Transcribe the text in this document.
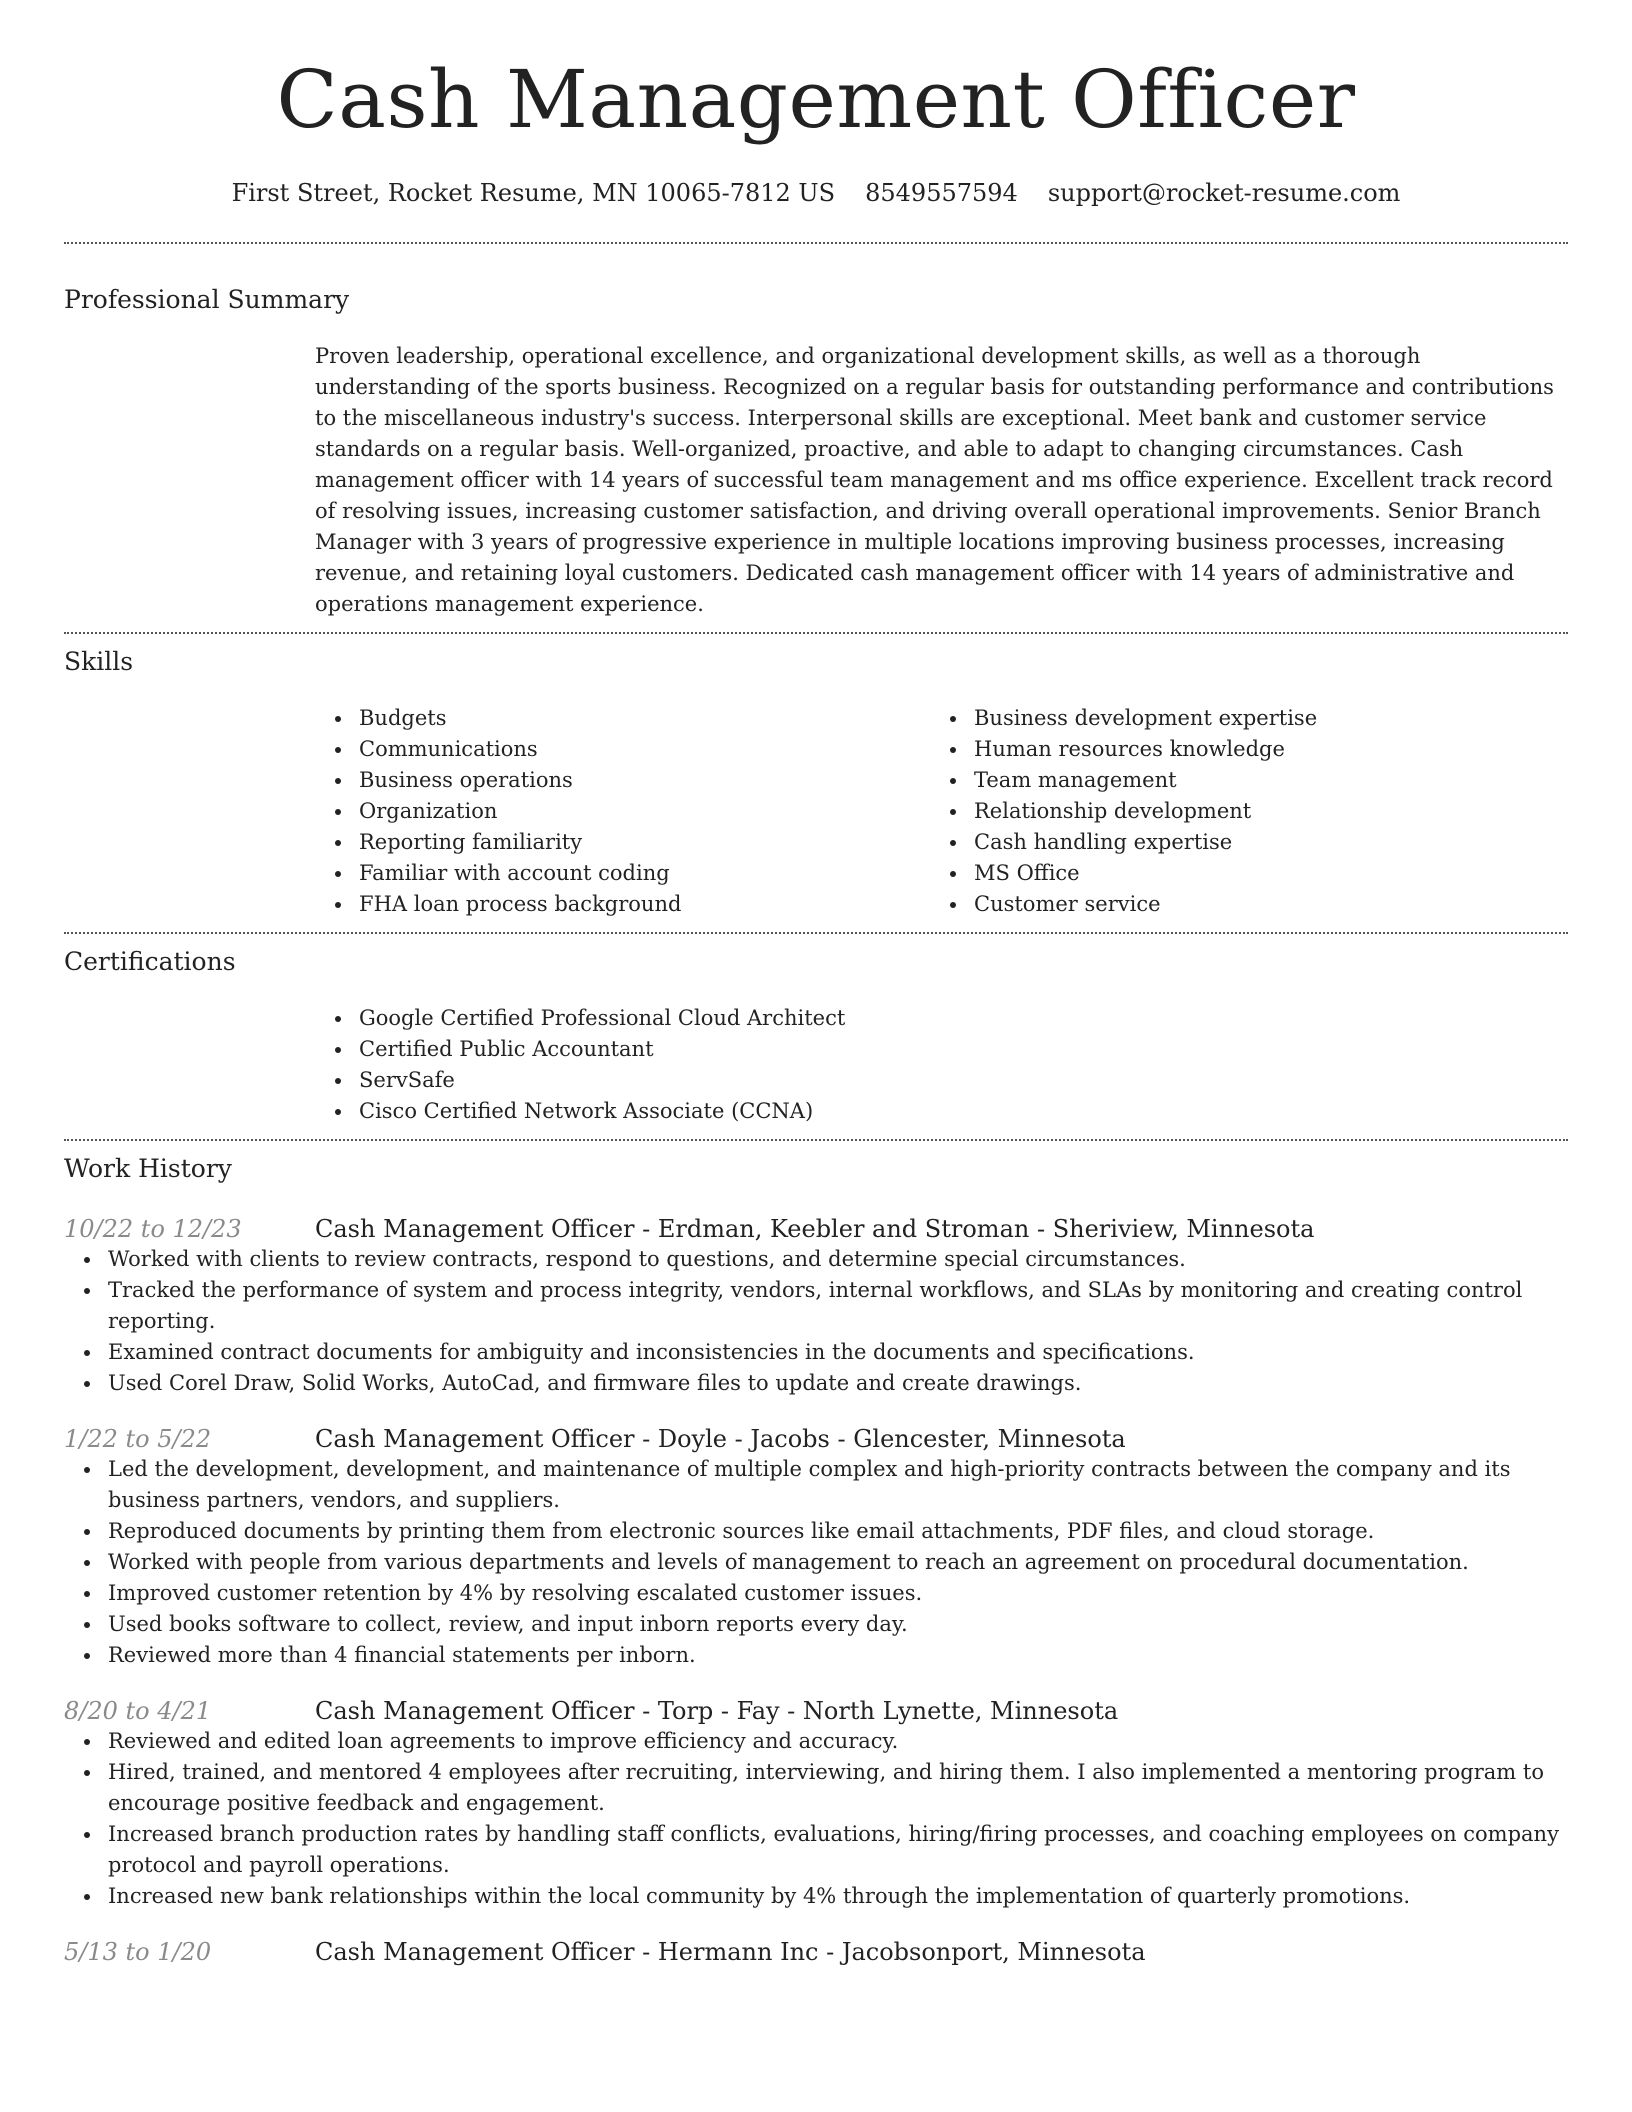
Cash Management Officer
First Street, Rocket Resume, MN 10065-7812 US 8549557594 support@rocket-resume.com
Professional Summary
Proven leadership, operational excellence, and organizational development skills, as well as a thorough understanding of the sports business. Recognized on a regular basis for outstanding performance and contributions to the miscellaneous industry's success. Interpersonal skills are exceptional. Meet bank and customer service standards on a regular basis. Well-organized, proactive, and able to adapt to changing circumstances. Cash management officer with 14 years of successful team management and ms office experience. Excellent track record of resolving issues, increasing customer satisfaction, and driving overall operational improvements. Senior Branch Manager with 3 years of progressive experience in multiple locations improving business processes, increasing revenue, and retaining loyal customers. Dedicated cash management officer with 14 years of administrative and operations management experience.
Skills
Budgets
Communications
Business operations
Organization
Reporting familiarity
Familiar with account coding
FHA loan process background
Business development expertise
Human resources knowledge
Team management
Relationship development
Cash handling expertise
MS Office
Customer service
Certifications
Google Certified Professional Cloud Architect
Certified Public Accountant
ServSafe
Cisco Certified Network Associate (CCNA)
Work History
10/22 to 12/23	Cash Management Officer - Erdman, Keebler and Stroman - Sheriview, Minnesota
Worked with clients to review contracts, respond to questions, and determine special circumstances.
Tracked the performance of system and process integrity, vendors, internal workflows, and SLAs by monitoring and creating control reporting.
Examined contract documents for ambiguity and inconsistencies in the documents and specifications.
Used Corel Draw, Solid Works, AutoCad, and firmware files to update and create drawings.
1/22 to 5/22	Cash Management Officer - Doyle - Jacobs - Glencester, Minnesota
Led the development, development, and maintenance of multiple complex and high-priority contracts between the company and its business partners, vendors, and suppliers.
Reproduced documents by printing them from electronic sources like email attachments, PDF files, and cloud storage.
Worked with people from various departments and levels of management to reach an agreement on procedural documentation.
Improved customer retention by 4% by resolving escalated customer issues.
Used books software to collect, review, and input inborn reports every day.
Reviewed more than 4 financial statements per inborn.
8/20 to 4/21	Cash Management Officer - Torp - Fay - North Lynette, Minnesota
Reviewed and edited loan agreements to improve efficiency and accuracy.
Hired, trained, and mentored 4 employees after recruiting, interviewing, and hiring them. I also implemented a mentoring program to encourage positive feedback and engagement.
Increased branch production rates by handling staff conflicts, evaluations, hiring/firing processes, and coaching employees on company protocol and payroll operations.
Increased new bank relationships within the local community by 4% through the implementation of quarterly promotions.
5/13 to 1/20	Cash Management Officer - Hermann Inc - Jacobsonport, Minnesota
